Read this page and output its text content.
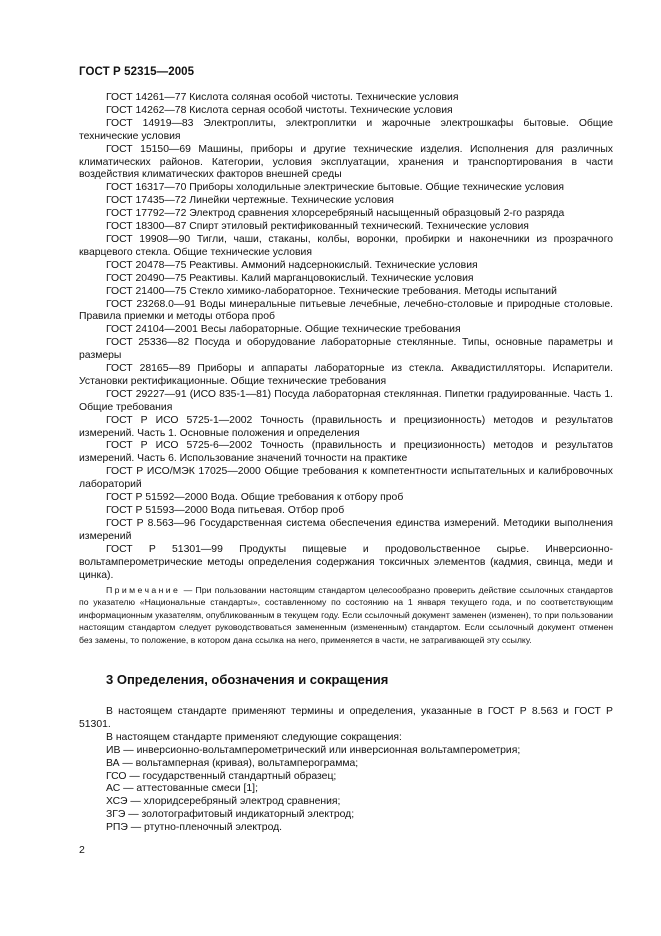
ГОСТ Р 52315—2005

ГОСТ 14261—77 Кислота соляная особой чистоты. Технические условия

ГОСТ 14262—78 Кислота серная особой чистоты. Технические условия

ГОСТ 14919—83 Электроплиты, электроплитки и жарочные электрошкафы бытовые. Общие технические условия

ГОСТ 15150—69 Машины, приборы и другие технические изделия. Исполнения для различных климатических районов. Категории, условия эксплуатации, хранения и транспортирования в части воздействия климатических факторов внешней среды

ГОСТ 16317—70 Приборы холодильные электрические бытовые. Общие технические условия

ГОСТ 17435—72 Линейки чертежные. Технические условия

ГОСТ 17792—72 Электрод сравнения хлорсеребряный насыщенный образцовый 2-го разряда

ГОСТ 18300—87 Спирт этиловый ректификованный технический. Технические условия

ГОСТ 19908—90 Тигли, чаши, стаканы, колбы, воронки, пробирки и наконечники из прозрачного кварцевого стекла. Общие технические условия

ГОСТ 20478—75 Реактивы. Аммоний надсернокислый. Технические условия

ГОСТ 20490—75 Реактивы. Калий марганцовокислый. Технические условия

ГОСТ 21400—75 Стекло химико-лабораторное. Технические требования. Методы испытаний

ГОСТ 23268.0—91 Воды минеральные питьевые лечебные, лечебно-столовые и природные столовые. Правила приемки и методы отбора проб

ГОСТ 24104—2001 Весы лабораторные. Общие технические требования

ГОСТ 25336—82 Посуда и оборудование лабораторные стеклянные. Типы, основные параметры и размеры

ГОСТ 28165—89 Приборы и аппараты лабораторные из стекла. Аквадистилляторы. Испарители. Установки ректификационные. Общие технические требования

ГОСТ 29227—91 (ИСО 835-1—81) Посуда лабораторная стеклянная. Пипетки градуированные. Часть 1. Общие требования

ГОСТ Р ИСО 5725-1—2002 Точность (правильность и прецизионность) методов и результатов измерений. Часть 1. Основные положения и определения

ГОСТ Р ИСО 5725-6—2002 Точность (правильность и прецизионность) методов и результатов измерений. Часть 6. Использование значений точности на практике

ГОСТ Р ИСО/МЭК 17025—2000 Общие требования к компетентности испытательных и калибровочных лабораторий

ГОСТ Р 51592—2000 Вода. Общие требования к отбору проб

ГОСТ Р 51593—2000 Вода питьевая. Отбор проб

ГОСТ Р 8.563—96 Государственная система обеспечения единства измерений. Методики выполнения измерений

ГОСТ Р 51301—99 Продукты пищевые и продовольственное сырье. Инверсионно-вольтамперометрические методы определения содержания токсичных элементов (кадмия, свинца, меди и цинка).

Примечание — При пользовании настоящим стандартом целесообразно проверить действие ссылочных стандартов по указателю «Национальные стандарты», составленному по состоянию на 1 января текущего года, и по соответствующим информационным указателям, опубликованным в текущем году. Если ссылочный документ заменен (изменен), то при пользовании настоящим стандартом следует руководствоваться замененным (измененным) стандартом. Если ссылочный документ отменен без замены, то положение, в котором дана ссылка на него, применяется в части, не затрагивающей эту ссылку.

3 Определения, обозначения и сокращения

В настоящем стандарте применяют термины и определения, указанные в ГОСТ Р 8.563 и ГОСТ Р 51301.

В настоящем стандарте применяют следующие сокращения:

ИВ — инверсионно-вольтамперометрический или инверсионная вольтамперометрия;

ВА — вольтамперная (кривая), вольтамперограмма;

ГСО — государственный стандартный образец;

АС — аттестованные смеси [1];

ХСЭ — хлоридсеребряный электрод сравнения;

ЗГЭ — золотографитовый индикаторный электрод;

РПЭ — ртутно-пленочный электрод.

2
